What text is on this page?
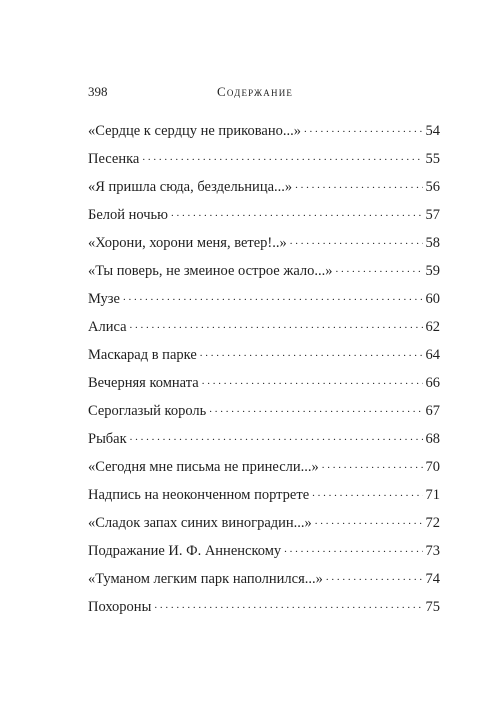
398	Содержание
«Сердце к сердцу не приковано...» . . .	54
Песенка . . .	55
«Я пришла сюда, бездельница...» . . .	56
Белой ночью . . .	57
«Хорони, хорони меня, ветер!..» . . .	58
«Ты поверь, не змеиное острое жало...» . . .	59
Музе . . .	60
Алиса . . .	62
Маскарад в парке . . .	64
Вечерняя комната . . .	66
Сероглазый король . . .	67
Рыбак . . .	68
«Сегодня мне письма не принесли...» . . .	70
Надпись на неоконченном портрете . . .	71
«Сладок запах синих виноградин...» . . .	72
Подражание И. Ф. Анненскому . . .	73
«Туманом легким парк наполнился...» . . .	74
Похороны . . .	75
